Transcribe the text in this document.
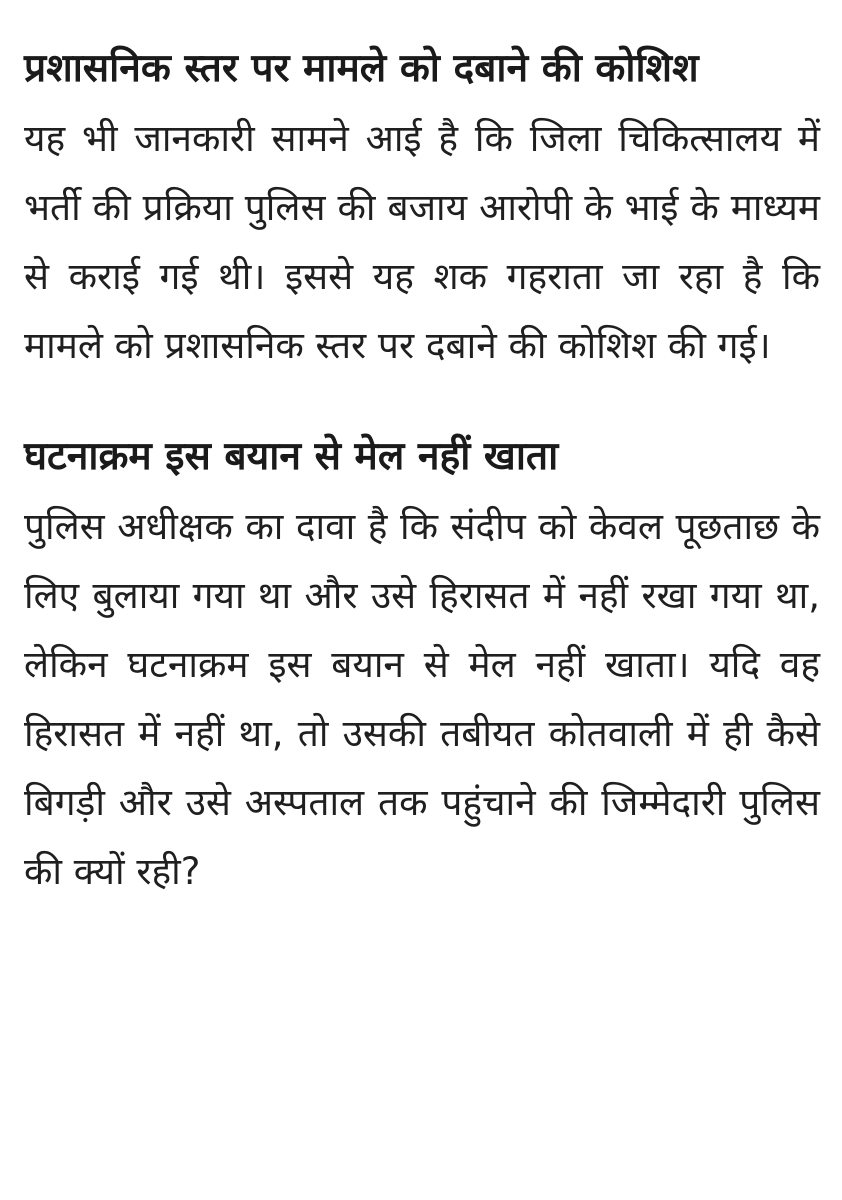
प्रशासनिक स्तर पर मामले को दबाने की कोशिश

यह भी जानकारी सामने आई है कि जिला चिकित्सालय में भर्ती की प्रक्रिया पुलिस की बजाय आरोपी के भाई के माध्यम से कराई गई थी। इससे यह शक गहराता जा रहा है कि मामले को प्रशासनिक स्तर पर दबाने की कोशिश की गई।

घटनाक्रम इस बयान से मेल नहीं खाता

पुलिस अधीक्षक का दावा है कि संदीप को केवल पूछताछ के लिए बुलाया गया था और उसे हिरासत में नहीं रखा गया था, लेकिन घटनाक्रम इस बयान से मेल नहीं खाता। यदि वह हिरासत में नहीं था, तो उसकी तबीयत कोतवाली में ही कैसे बिगड़ी और उसे अस्पताल तक पहुंचाने की जिम्मेदारी पुलिस की क्यों रही?
